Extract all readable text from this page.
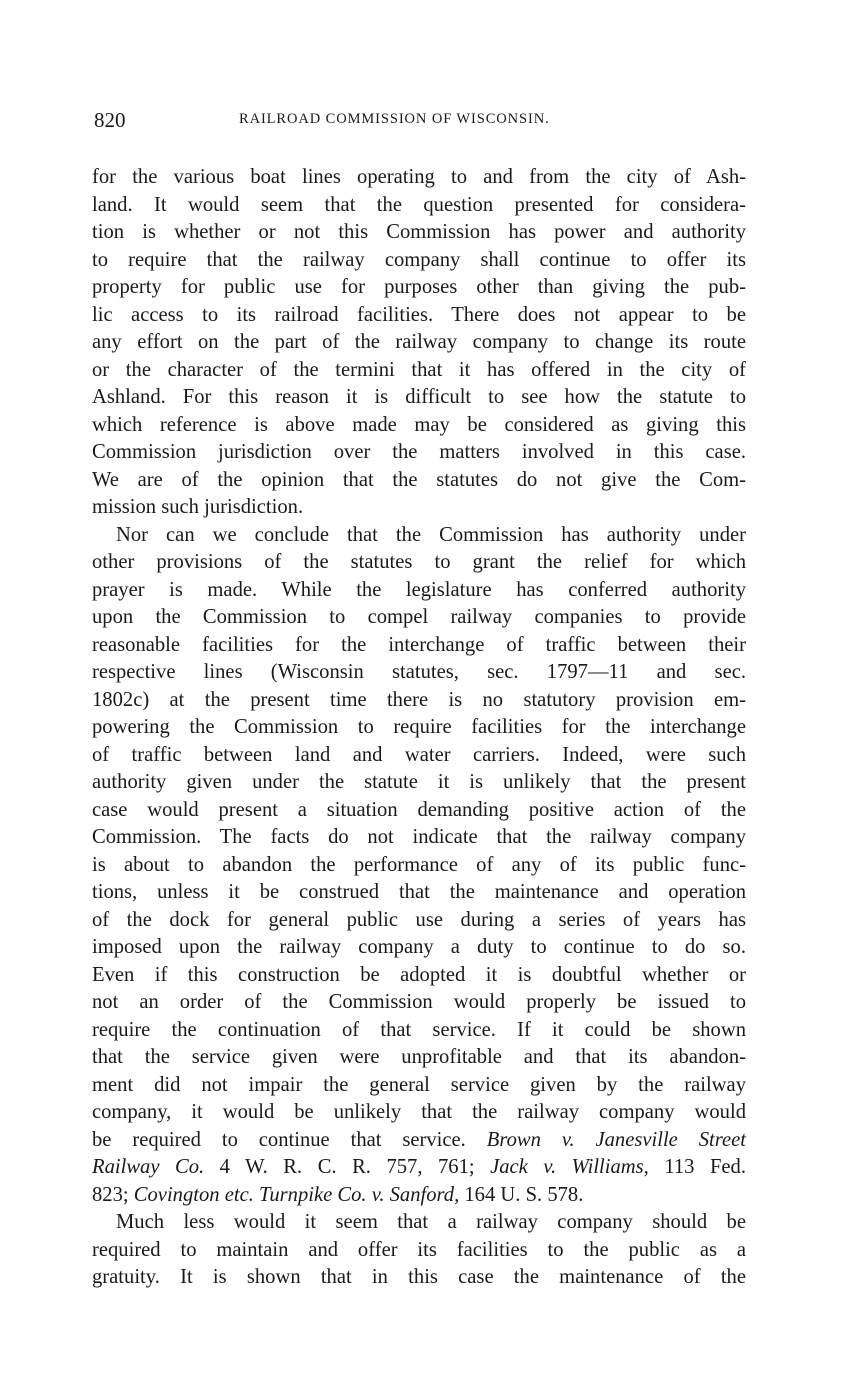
820	RAILROAD COMMISSION OF WISCONSIN.
for the various boat lines operating to and from the city of Ash-
land. It would seem that the question presented for considera-
tion is whether or not this Commission has power and authority
to require that the railway company shall continue to offer its
property for public use for purposes other than giving the pub-
lic access to its railroad facilities. There does not appear to be
any effort on the part of the railway company to change its route
or the character of the termini that it has offered in the city of
Ashland. For this reason it is difficult to see how the statute to
which reference is above made may be considered as giving this
Commission jurisdiction over the matters involved in this case.
We are of the opinion that the statutes do not give the Com-
mission such jurisdiction.
Nor can we conclude that the Commission has authority under
other provisions of the statutes to grant the relief for which
prayer is made. While the legislature has conferred authority
upon the Commission to compel railway companies to provide
reasonable facilities for the interchange of traffic between their
respective lines (Wisconsin statutes, sec. 1797—11 and sec.
1802c) at the present time there is no statutory provision em-
powering the Commission to require facilities for the interchange
of traffic between land and water carriers. Indeed, were such
authority given under the statute it is unlikely that the present
case would present a situation demanding positive action of the
Commission. The facts do not indicate that the railway company
is about to abandon the performance of any of its public func-
tions, unless it be construed that the maintenance and operation
of the dock for general public use during a series of years has
imposed upon the railway company a duty to continue to do so.
Even if this construction be adopted it is doubtful whether or
not an order of the Commission would properly be issued to
require the continuation of that service. If it could be shown
that the service given were unprofitable and that its abandon-
ment did not impair the general service given by the railway
company, it would be unlikely that the railway company would
be required to continue that service. Brown v. Janesville Street
Railway Co. 4 W. R. C. R. 757, 761; Jack v. Williams, 113 Fed.
823; Covington etc. Turnpike Co. v. Sanford, 164 U. S. 578.
Much less would it seem that a railway company should be
required to maintain and offer its facilities to the public as a
gratuity. It is shown that in this case the maintenance of the
